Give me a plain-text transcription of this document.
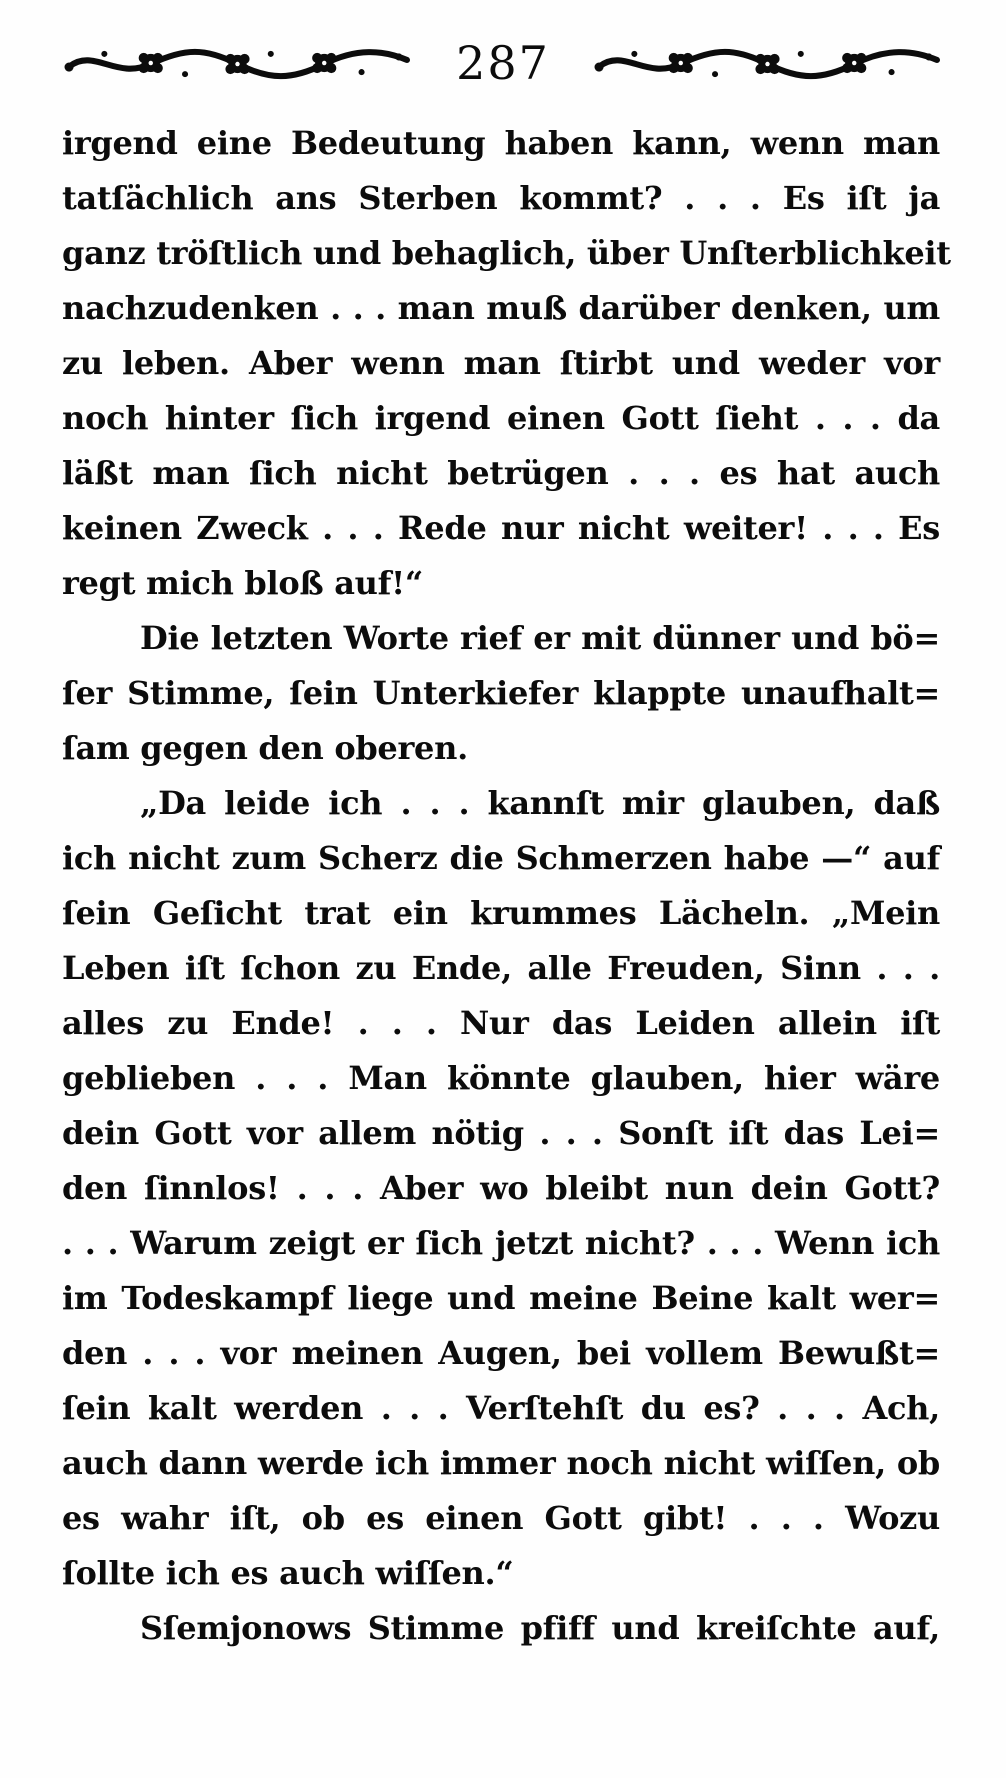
287
irgend eine Bedeutung haben kann, wenn man
tatſächlich ans Sterben kommt? . . . Es iſt ja
ganz tröſtlich und behaglich, über Unſterblichkeit
nachzudenken . . . man muß darüber denken, um
zu leben. Aber wenn man ſtirbt und weder vor
noch hinter ſich irgend einen Gott ſieht . . . da
läßt man ſich nicht betrügen . . . es hat auch
keinen Zweck . . . Rede nur nicht weiter! . . . Es
regt mich bloß auf!“
Die letzten Worte rief er mit dünner und bö=
ſer Stimme, ſein Unterkiefer klappte unaufhalt=
ſam gegen den oberen.
„Da leide ich . . . kannſt mir glauben, daß
ich nicht zum Scherz die Schmerzen habe —“ auf
ſein Geſicht trat ein krummes Lächeln. „Mein
Leben iſt ſchon zu Ende, alle Freuden, Sinn . . .
alles zu Ende! . . . Nur das Leiden allein iſt
geblieben . . . Man könnte glauben, hier wäre
dein Gott vor allem nötig . . . Sonſt iſt das Lei=
den ſinnlos! . . . Aber wo bleibt nun dein Gott?
. . . Warum zeigt er ſich jetzt nicht? . . . Wenn ich
im Todeskampf liege und meine Beine kalt wer=
den . . . vor meinen Augen, bei vollem Bewußt=
ſein kalt werden . . . Verſtehſt du es? . . . Ach,
auch dann werde ich immer noch nicht wiſſen, ob
es wahr iſt, ob es einen Gott gibt! . . . Wozu
ſollte ich es auch wiſſen.“
Sſemjonows Stimme pfiff und kreiſchte auf,
